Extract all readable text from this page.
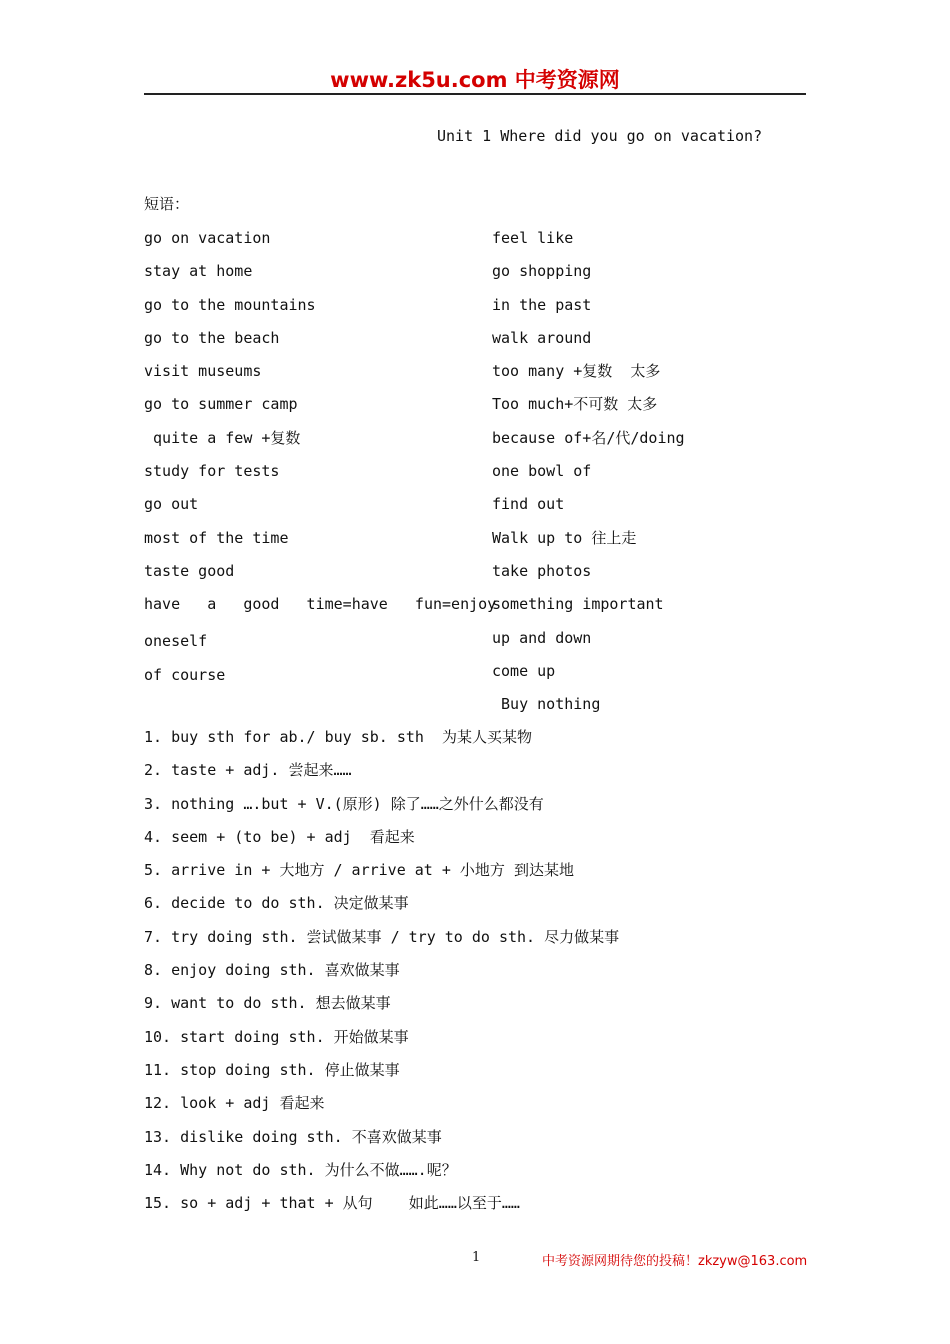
www.zk5u.com 中考资源网
Unit 1 Where did you go on vacation?
短语：
go on vacation
stay at home
go to the mountains
go to the beach
visit museums
go to summer camp
quite a few +复数
study for tests
go out
most of the time
taste good
have   a   good   time=have   fun=enjoy
oneself
of course
feel like
go shopping
in the past
walk around
too many +复数  太多
Too much+不可数 太多
because of+名/代/doing
one bowl of
find out
Walk up to 往上走
take photos
something important
up and down
come up
Buy nothing
1. buy sth for ab./ buy sb. sth  为某人买某物
2. taste + adj. 尝起来……
3. nothing ….but + V.(原形) 除了……之外什么都没有
4. seem + (to be) + adj  看起来
5. arrive in + 大地方 / arrive at + 小地方 到达某地
6. decide to do sth. 决定做某事
7. try doing sth. 尝试做某事 / try to do sth. 尽力做某事
8. enjoy doing sth. 喜欢做某事
9. want to do sth. 想去做某事
10. start doing sth. 开始做某事
11. stop doing sth. 停止做某事
12. look + adj 看起来
13. dislike doing sth. 不喜欢做某事
14. Why not do sth. 为什么不做…….呢？
15. so + adj + that + 从句    如此……以至于……
1	中考资源网期待您的投稿！zkzyw@163.com
